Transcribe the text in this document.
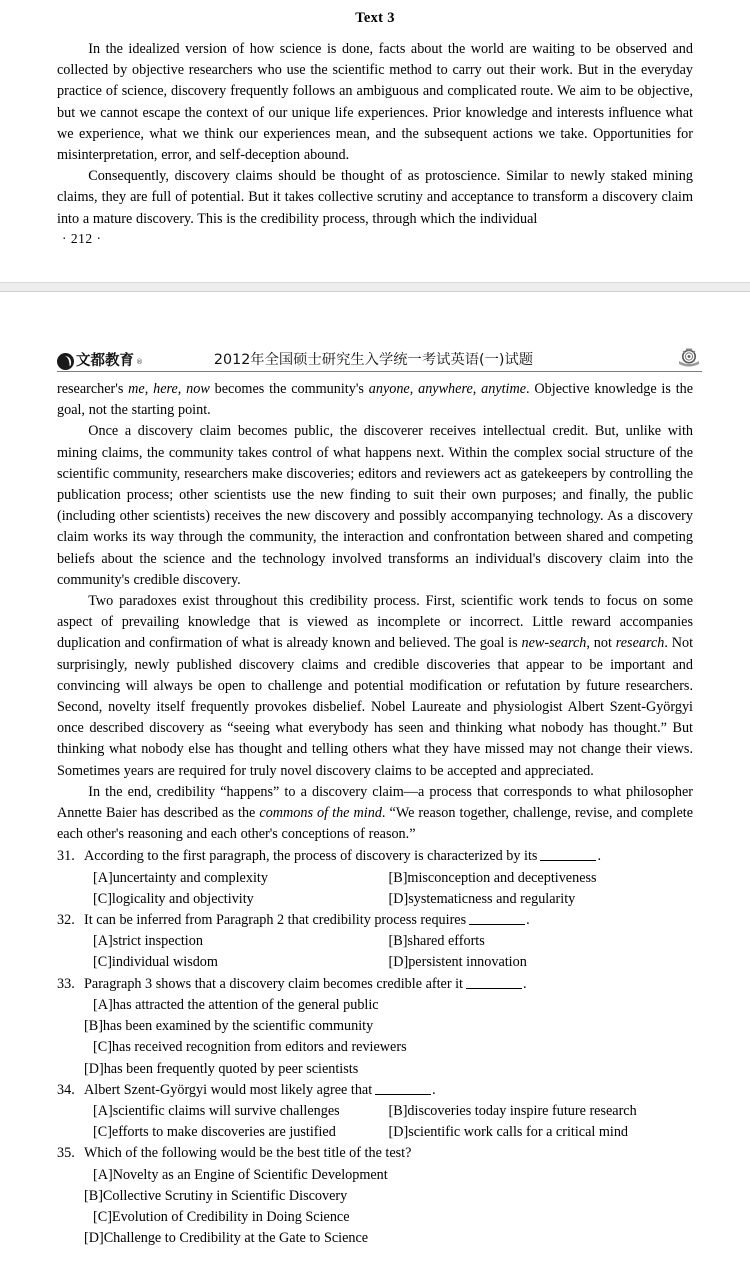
Text 3

In the idealized version of how science is done, facts about the world are waiting to be observed and collected by objective researchers who use the scientific method to carry out their work. But in the everyday practice of science, discovery frequently follows an ambiguous and complicated route. We aim to be objective, but we cannot escape the context of our unique life experiences. Prior knowledge and interests influence what we experience, what we think our experiences mean, and the subsequent actions we take. Opportunities for misinterpretation, error, and self-deception abound.

Consequently, discovery claims should be thought of as protoscience. Similar to newly staked mining claims, they are full of potential. But it takes collective scrutiny and acceptance to transform a discovery claim into a mature discovery. This is the credibility process, through which the individual

· 212 ·
文都教育 ®	2012年全国硕士研究生入学统一考试英语(一)试题

researcher's me, here, now becomes the community's anyone, anywhere, anytime. Objective knowledge is the goal, not the starting point.

Once a discovery claim becomes public, the discoverer receives intellectual credit. But, unlike with mining claims, the community takes control of what happens next. Within the complex social structure of the scientific community, researchers make discoveries; editors and reviewers act as gatekeepers by controlling the publication process; other scientists use the new finding to suit their own purposes; and finally, the public (including other scientists) receives the new discovery and possibly accompanying technology. As a discovery claim works its way through the community, the interaction and confrontation between shared and competing beliefs about the science and the technology involved transforms an individual's discovery claim into the community's credible discovery.

Two paradoxes exist throughout this credibility process. First, scientific work tends to focus on some aspect of prevailing knowledge that is viewed as incomplete or incorrect. Little reward accompanies duplication and confirmation of what is already known and believed. The goal is new-search, not research. Not surprisingly, newly published discovery claims and credible discoveries that appear to be important and convincing will always be open to challenge and potential modification or refutation by future researchers. Second, novelty itself frequently provokes disbelief. Nobel Laureate and physiologist Albert Szent-Györgyi once described discovery as “seeing what everybody has seen and thinking what nobody has thought.” But thinking what nobody else has thought and telling others what they have missed may not change their views. Sometimes years are required for truly novel discovery claims to be accepted and appreciated.

In the end, credibility “happens” to a discovery claim—a process that corresponds to what philosopher Annette Baier has described as the commons of the mind. “We reason together, challenge, revise, and complete each other's reasoning and each other's conceptions of reason.”

31. According to the first paragraph, the process of discovery is characterized by its	.
[A]uncertainty and complexity	[B]misconception and deceptiveness
[C]logicality and objectivity	[D]systematicness and regularity
32. It can be inferred from Paragraph 2 that credibility process requires	.
[A]strict inspection	[B]shared efforts
[C]individual wisdom	[D]persistent innovation
33. Paragraph 3 shows that a discovery claim becomes credible after it	.
[A]has attracted the attention of the general public
[B]has been examined by the scientific community
[C]has received recognition from editors and reviewers
[D]has been frequently quoted by peer scientists
34. Albert Szent-Györgyi would most likely agree that	.
[A]scientific claims will survive challenges	[B]discoveries today inspire future research
[C]efforts to make discoveries are justified	[D]scientific work calls for a critical mind
35. Which of the following would be the best title of the test?
[A]Novelty as an Engine of Scientific Development
[B]Collective Scrutiny in Scientific Discovery
[C]Evolution of Credibility in Doing Science
[D]Challenge to Credibility at the Gate to Science
